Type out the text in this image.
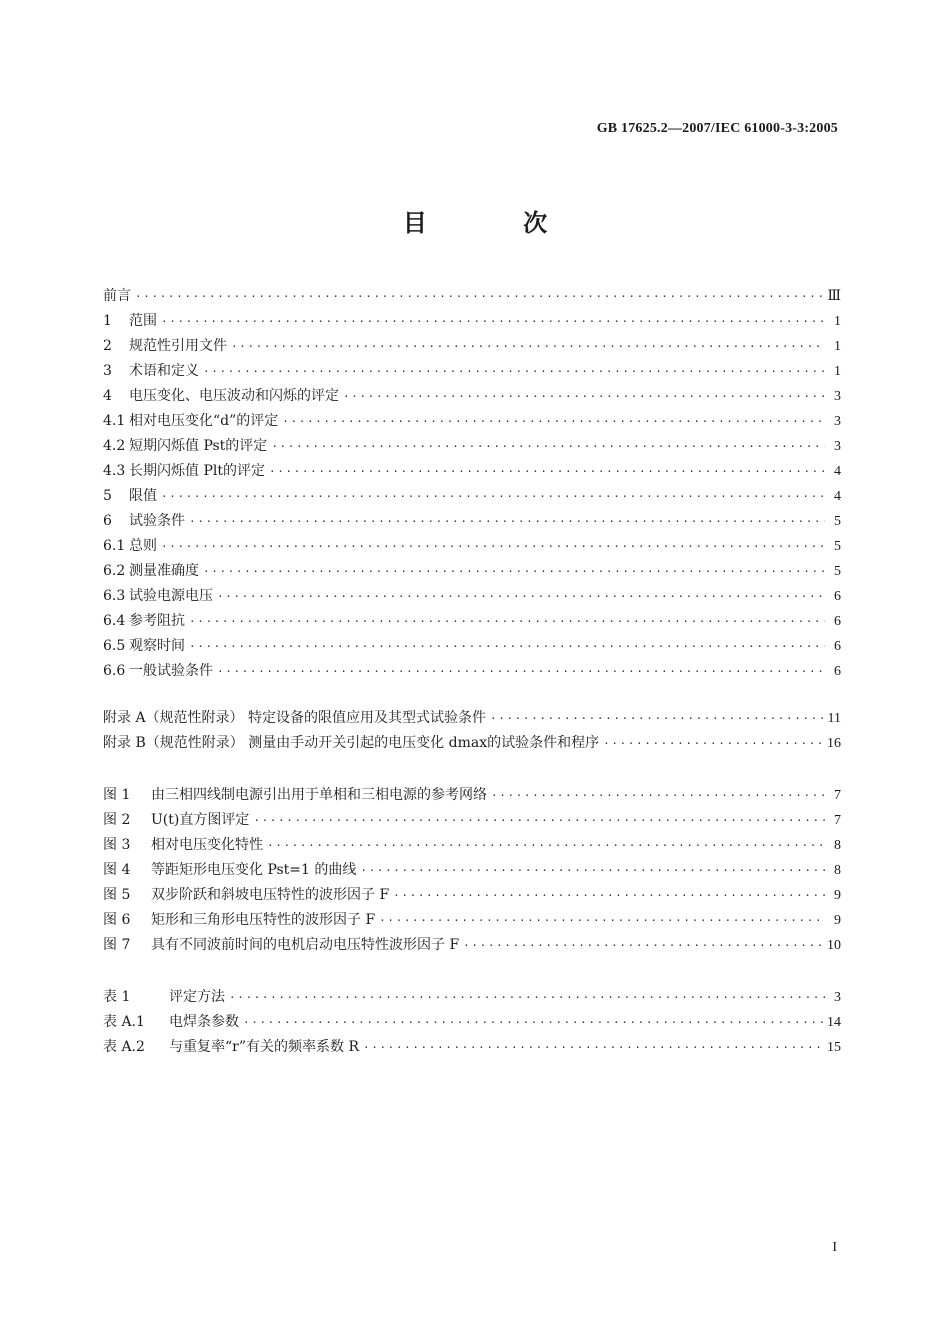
GB 17625.2—2007/IEC 61000-3-3:2005
目 次
前言 ·····	Ⅲ
1 范围 ·····	1
2 规范性引用文件 ·····	1
3 术语和定义 ·····	1
4 电压变化、电压波动和闪烁的评定 ·····	3
4.1 相对电压变化“d”的评定 ·····	3
4.2 短期闪烁值 Pst的评定 ·····	3
4.3 长期闪烁值 Plt的评定 ·····	4
5 限值 ·····	4
6 试验条件 ·····	5
6.1 总则 ·····	5
6.2 测量准确度 ·····	5
6.3 试验电源电压 ·····	6
6.4 参考阻抗 ·····	6
6.5 观察时间 ·····	6
6.6 一般试验条件 ·····	6
附录 A（规范性附录） 特定设备的限值应用及其型式试验条件 ·····	11
附录 B（规范性附录） 测量由手动开关引起的电压变化 dmax的试验条件和程序 ·····	16
图 1 由三相四线制电源引出用于单相和三相电源的参考网络 ·····	7
图 2 U(t)直方图评定 ·····	7
图 3 相对电压变化特性 ·····	8
图 4 等距矩形电压变化 Pst=1 的曲线 ·····	8
图 5 双步阶跃和斜坡电压特性的波形因子 F ·····	9
图 6 矩形和三角形电压特性的波形因子 F ·····	9
图 7 具有不同波前时间的电机启动电压特性波形因子 F ·····	10
表 1	评定方法 ·····	3
表 A.1 电焊条参数 ·····	14
表 A.2 与重复率“r”有关的频率系数 R ·····	15
I
